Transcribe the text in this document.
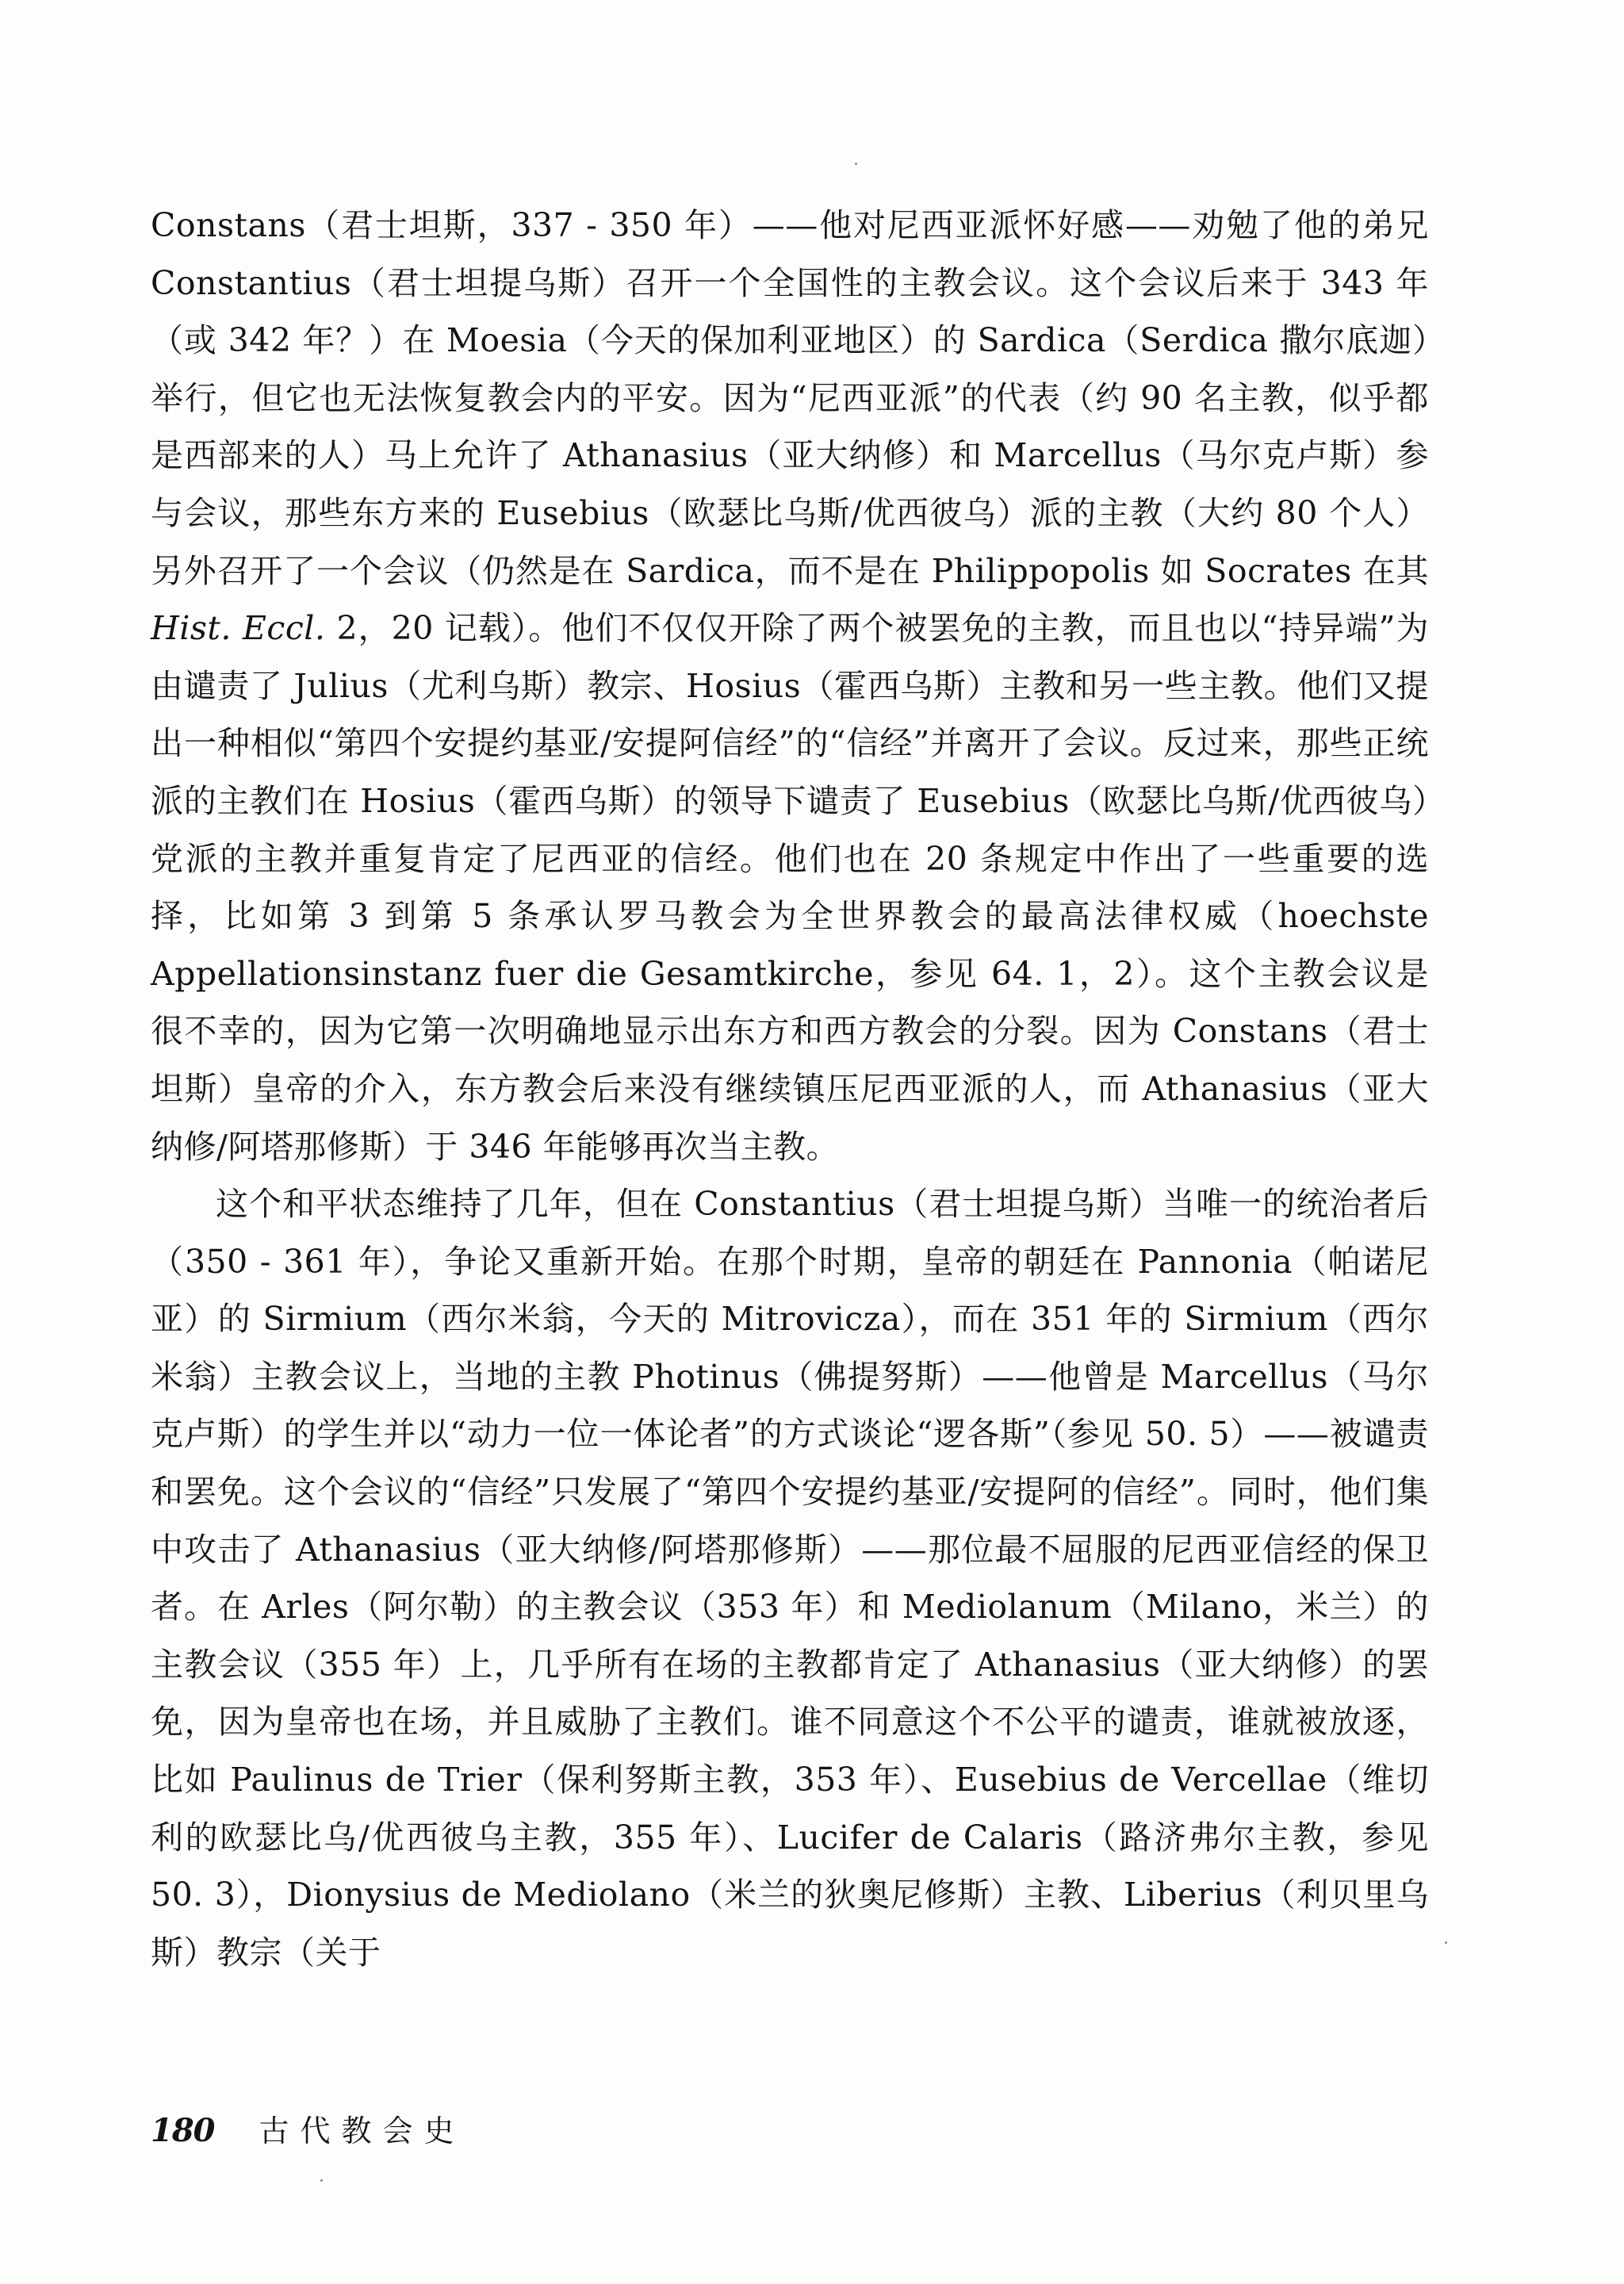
Constans（君士坦斯，337 - 350 年）——他对尼西亚派怀好感——劝勉了他的弟兄Constantius（君士坦提乌斯）召开一个全国性的主教会议。这个会议后来于 343 年（或 342 年？）在 Moesia（今天的保加利亚地区）的 Sardica（Serdica 撒尔底迦）举行，但它也无法恢复教会内的平安。因为“尼西亚派”的代表（约 90 名主教，似乎都是西部来的人）马上允许了 Athanasius（亚大纳修）和 Marcellus（马尔克卢斯）参与会议，那些东方来的 Eusebius（欧瑟比乌斯/优西彼乌）派的主教（大约 80 个人）另外召开了一个会议（仍然是在 Sardica，而不是在 Philippopolis 如 Socrates 在其 Hist. Eccl. 2，20 记载）。他们不仅仅开除了两个被罢免的主教，而且也以“持异端”为由谴责了 Julius（尤利乌斯）教宗、Hosius（霍西乌斯）主教和另一些主教。他们又提出一种相似“第四个安提约基亚/安提阿信经”的“信经”并离开了会议。反过来，那些正统派的主教们在 Hosius（霍西乌斯）的领导下谴责了 Eusebius（欧瑟比乌斯/优西彼乌）党派的主教并重复肯定了尼西亚的信经。他们也在 20 条规定中作出了一些重要的选择，比如第 3 到第 5 条承认罗马教会为全世界教会的最高法律权威（hoechste Appellationsinstanz fuer die Gesamtkirche，参见 64. 1，2）。这个主教会议是很不幸的，因为它第一次明确地显示出东方和西方教会的分裂。因为 Constans（君士坦斯）皇帝的介入，东方教会后来没有继续镇压尼西亚派的人，而 Athanasius（亚大纳修/阿塔那修斯）于 346 年能够再次当主教。

这个和平状态维持了几年，但在 Constantius（君士坦提乌斯）当唯一的统治者后（350 - 361 年），争论又重新开始。在那个时期，皇帝的朝廷在 Pannonia（帕诺尼亚）的 Sirmium（西尔米翁，今天的 Mitrovicza），而在 351 年的 Sirmium（西尔米翁）主教会议上，当地的主教 Photinus（佛提努斯）——他曾是 Marcellus（马尔克卢斯）的学生并以“动力一位一体论者”的方式谈论“逻各斯”（参见 50. 5）——被谴责和罢免。这个会议的“信经”只发展了“第四个安提约基亚/安提阿的信经”。同时，他们集中攻击了 Athanasius（亚大纳修/阿塔那修斯）——那位最不屈服的尼西亚信经的保卫者。在 Arles（阿尔勒）的主教会议（353 年）和 Mediolanum（Milano，米兰）的主教会议（355 年）上，几乎所有在场的主教都肯定了 Athanasius（亚大纳修）的罢免，因为皇帝也在场，并且威胁了主教们。谁不同意这个不公平的谴责，谁就被放逐，比如 Paulinus de Trier（保利努斯主教，353 年）、Eusebius de Vercellae（维切利的欧瑟比乌/优西彼乌主教，355 年）、Lucifer de Calaris（路济弗尔主教，参见 50. 3），Dionysius de Mediolano（米兰的狄奥尼修斯）主教、Liberius（利贝里乌斯）教宗（关于

180 古代教会史
